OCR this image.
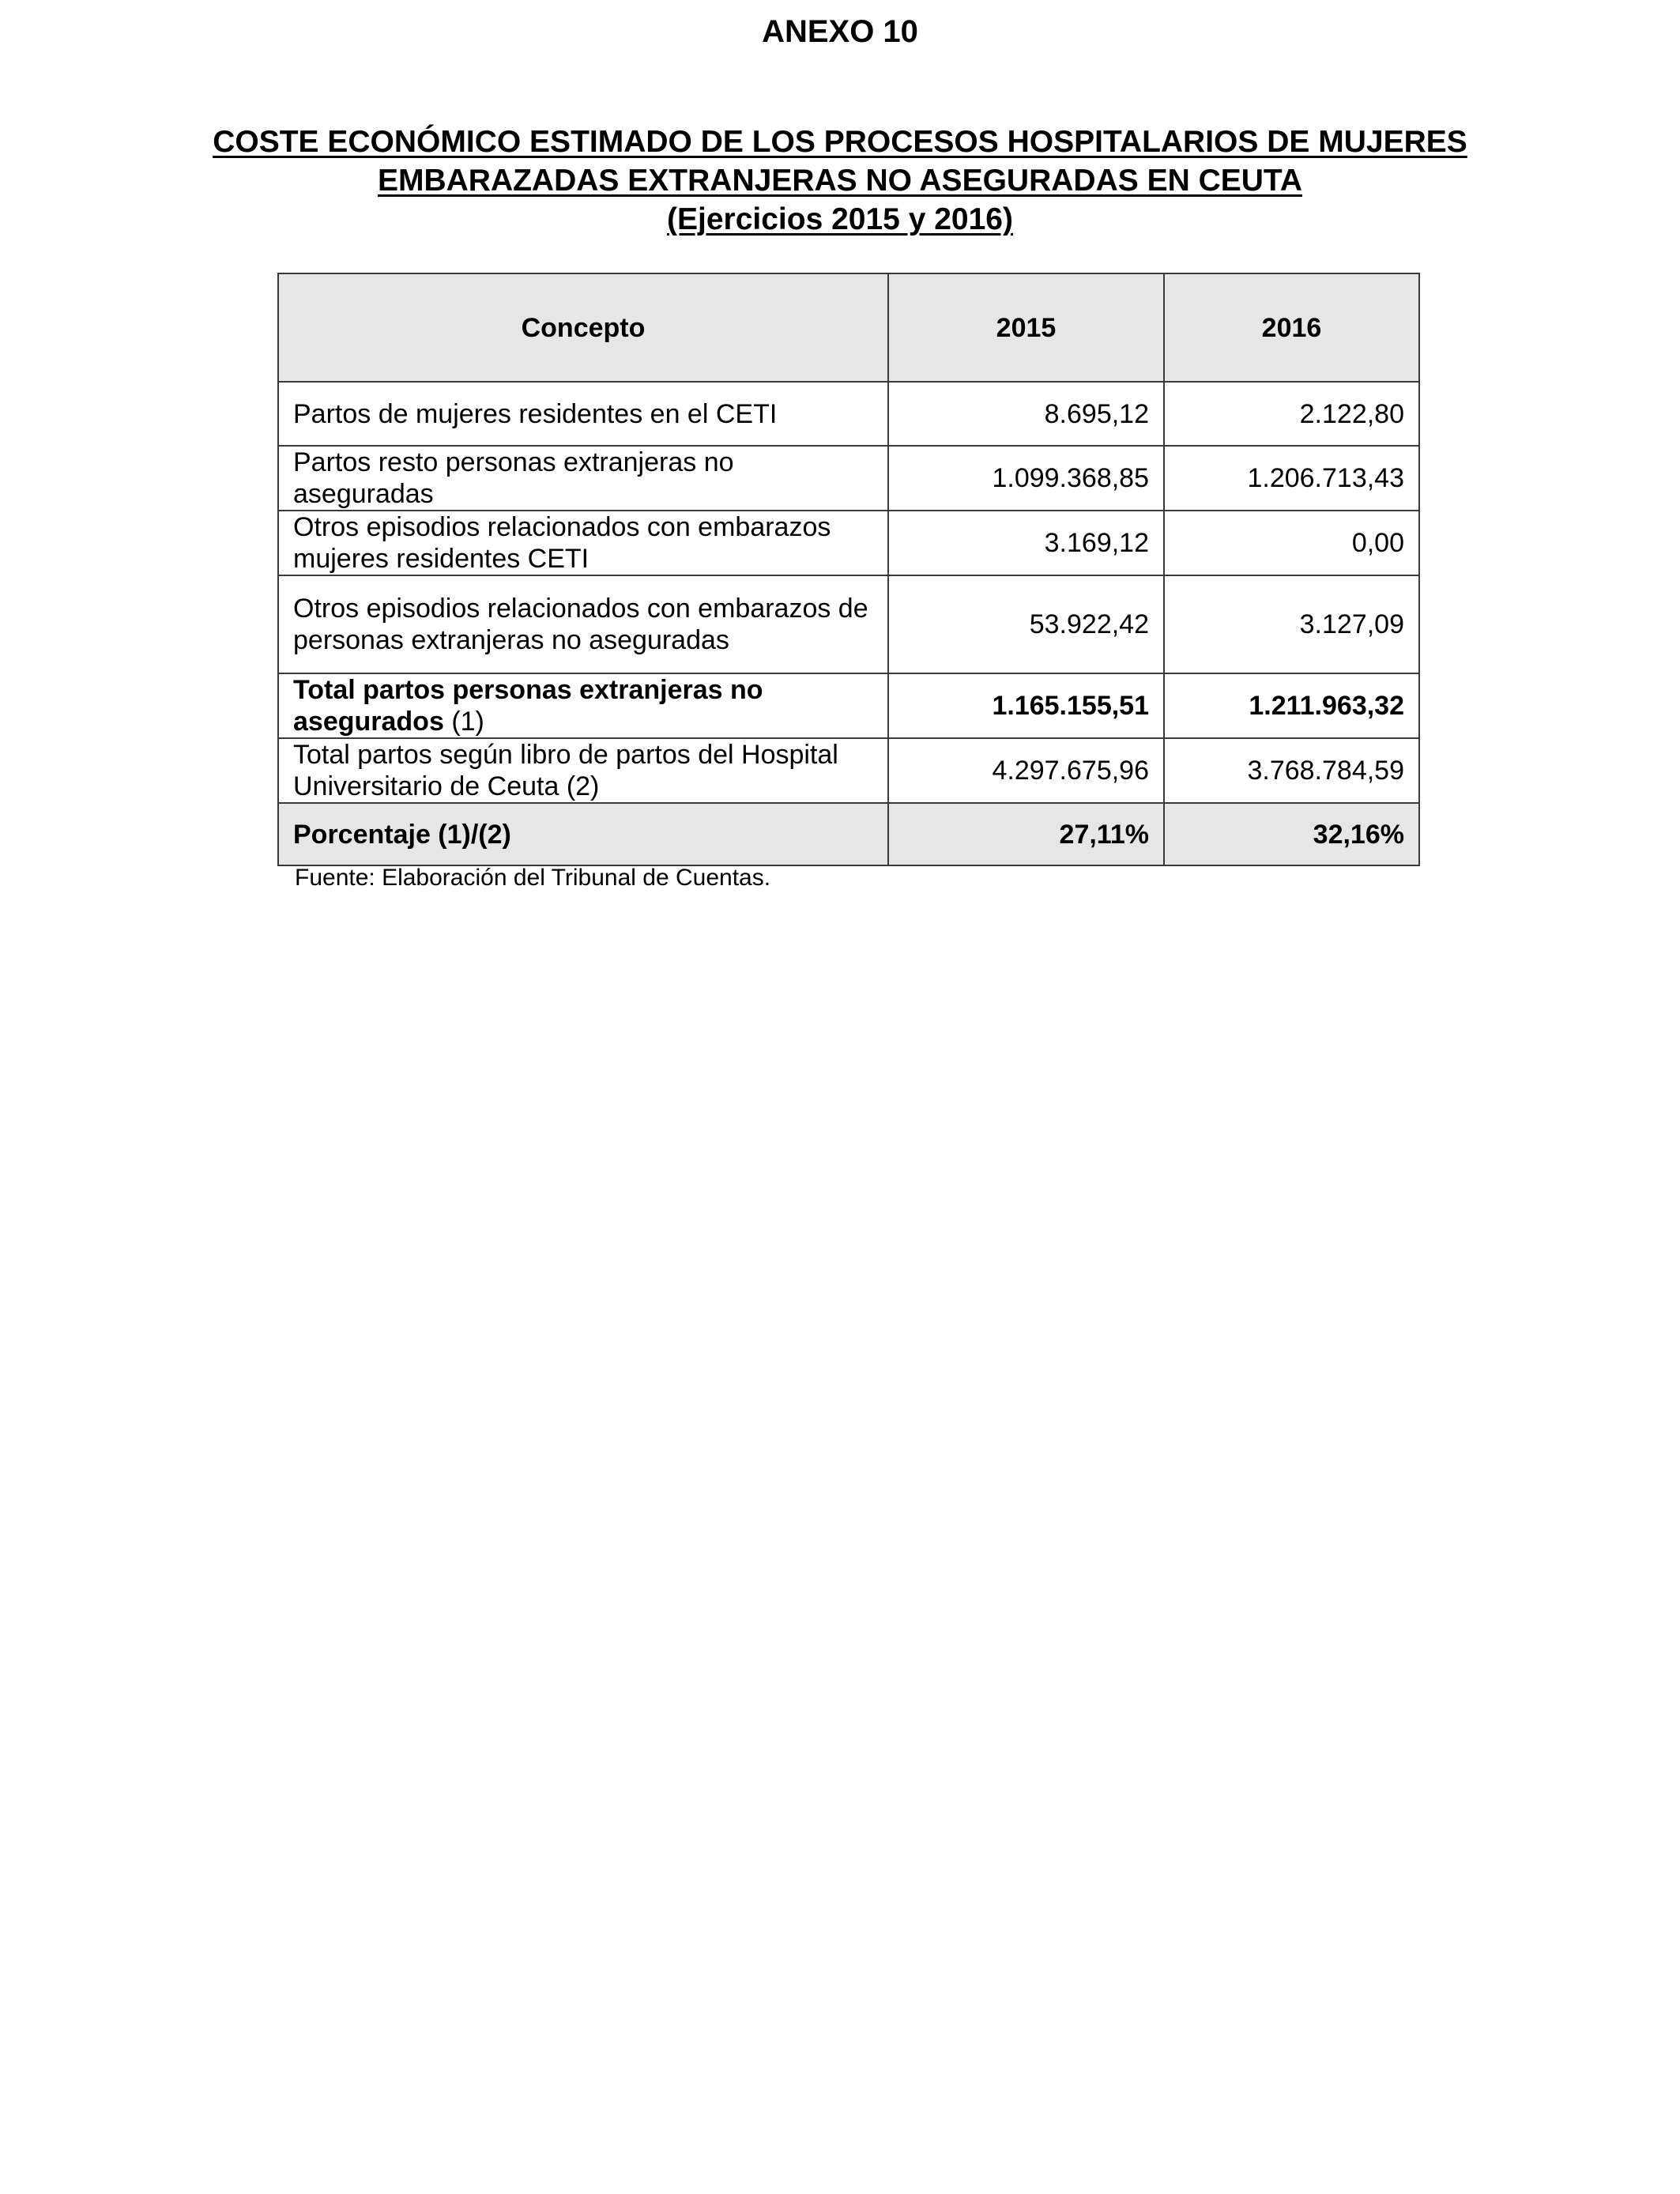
ANEXO 10
COSTE ECONÓMICO ESTIMADO DE LOS PROCESOS HOSPITALARIOS DE MUJERES
EMBARAZADAS EXTRANJERAS NO ASEGURADAS EN CEUTA
(Ejercicios 2015 y 2016)
Concepto	2015	2016
Partos de mujeres residentes en el CETI	8.695,12	2.122,80
Partos resto personas extranjeras no aseguradas	1.099.368,85	1.206.713,43
Otros episodios relacionados con embarazos mujeres residentes CETI	3.169,12	0,00
Otros episodios relacionados con embarazos de personas extranjeras no aseguradas	53.922,42	3.127,09
Total partos personas extranjeras no asegurados (1)	1.165.155,51	1.211.963,32
Total partos según libro de partos del Hospital Universitario de Ceuta (2)	4.297.675,96	3.768.784,59
Porcentaje (1)/(2)	27,11%	32,16%
Fuente: Elaboración del Tribunal de Cuentas.
